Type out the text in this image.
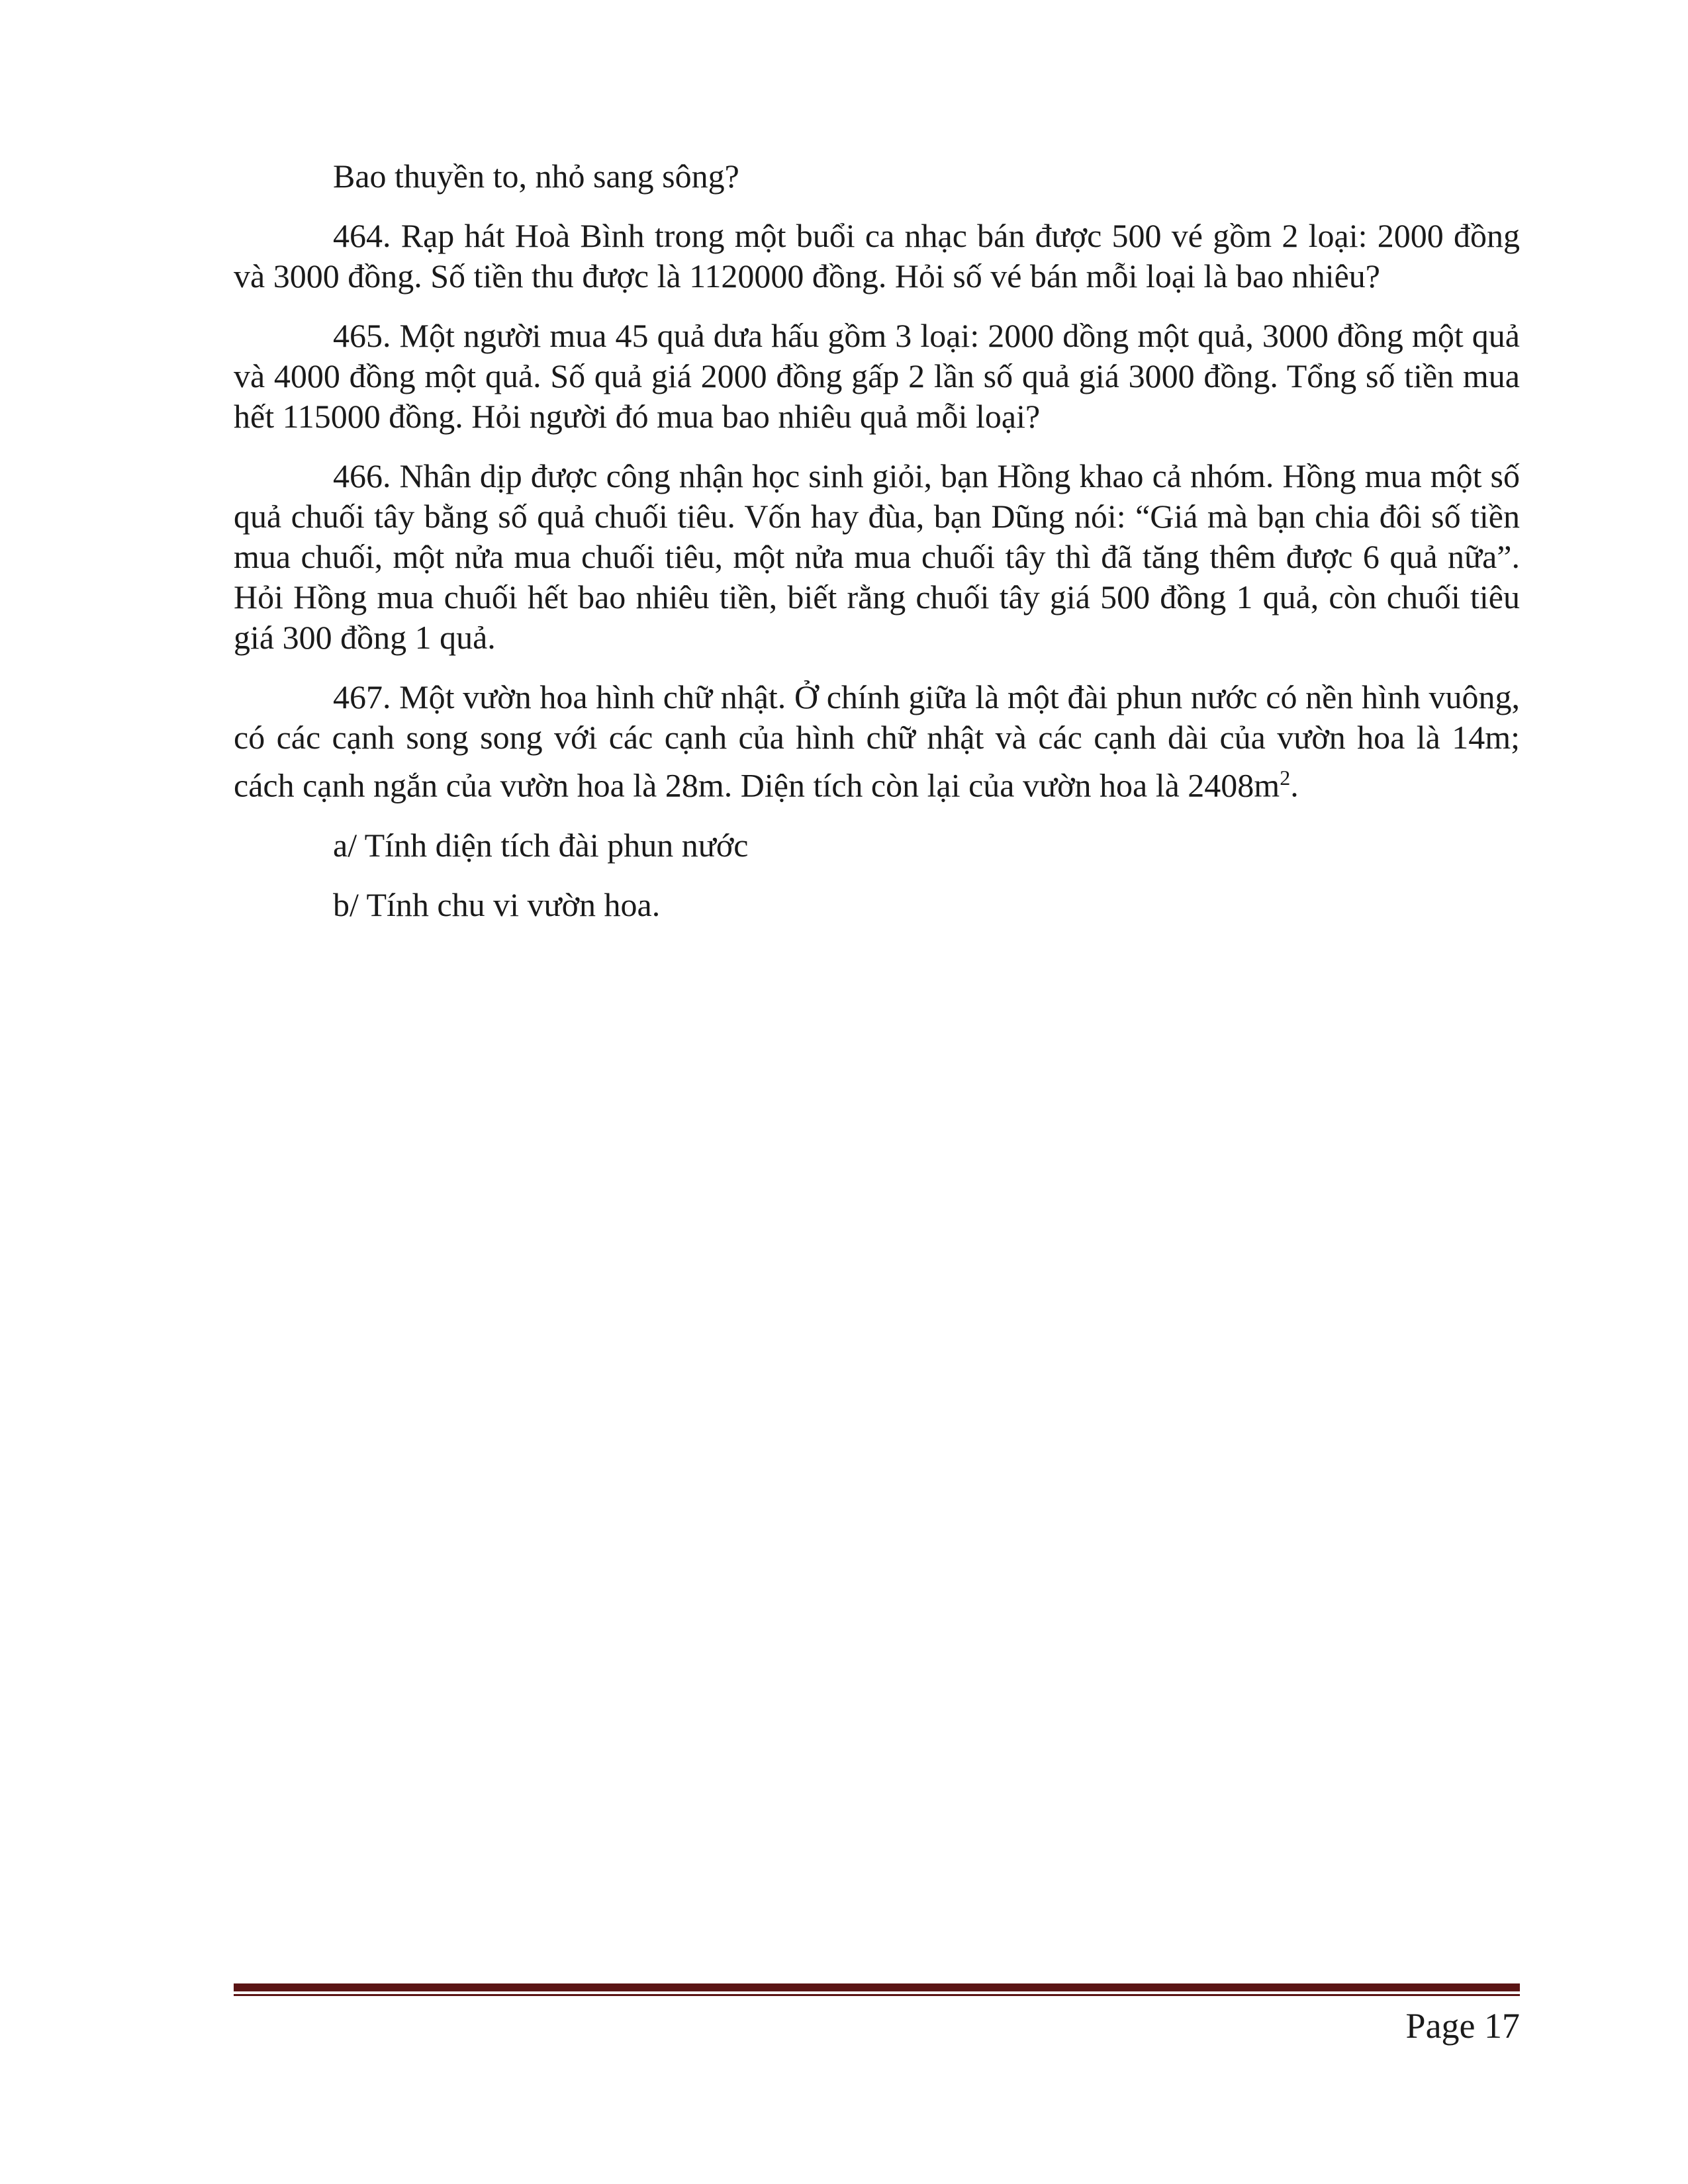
Bao thuyền to, nhỏ sang sông?

464. Rạp hát Hoà Bình trong một buổi ca nhạc bán được 500 vé gồm 2 loại: 2000 đồng và 3000 đồng. Số tiền thu được là 1120000 đồng. Hỏi số vé bán mỗi loại là bao nhiêu?

465. Một người mua 45 quả dưa hấu gồm 3 loại: 2000 dồng một quả, 3000 đồng một quả và 4000 đồng một quả. Số quả giá 2000 đồng gấp 2 lần số quả giá 3000 đồng. Tổng số tiền mua hết 115000 đồng. Hỏi người đó mua bao nhiêu quả mỗi loại?

466. Nhân dịp được công nhận học sinh giỏi, bạn Hồng khao cả nhóm. Hồng mua một số quả chuối tây bằng số quả chuối tiêu. Vốn hay đùa, bạn Dũng nói: “Giá mà bạn chia đôi số tiền mua chuối, một nửa mua chuối tiêu, một nửa mua chuối tây thì đã tăng thêm được 6 quả nữa”. Hỏi Hồng mua chuối hết bao nhiêu tiền, biết rằng chuối tây giá 500 đồng 1 quả, còn chuối tiêu giá 300 đồng 1 quả.

467. Một vườn hoa hình chữ nhật. Ở chính giữa là một đài phun nước có nền hình vuông, có các cạnh song song với các cạnh của hình chữ nhật và các cạnh dài của vườn hoa là 14m; cách cạnh ngắn của vườn hoa là 28m. Diện tích còn lại của vườn hoa là $2408m^2$.

a/ Tính diện tích đài phun nước

b/ Tính chu vi vườn hoa.

Page 17
